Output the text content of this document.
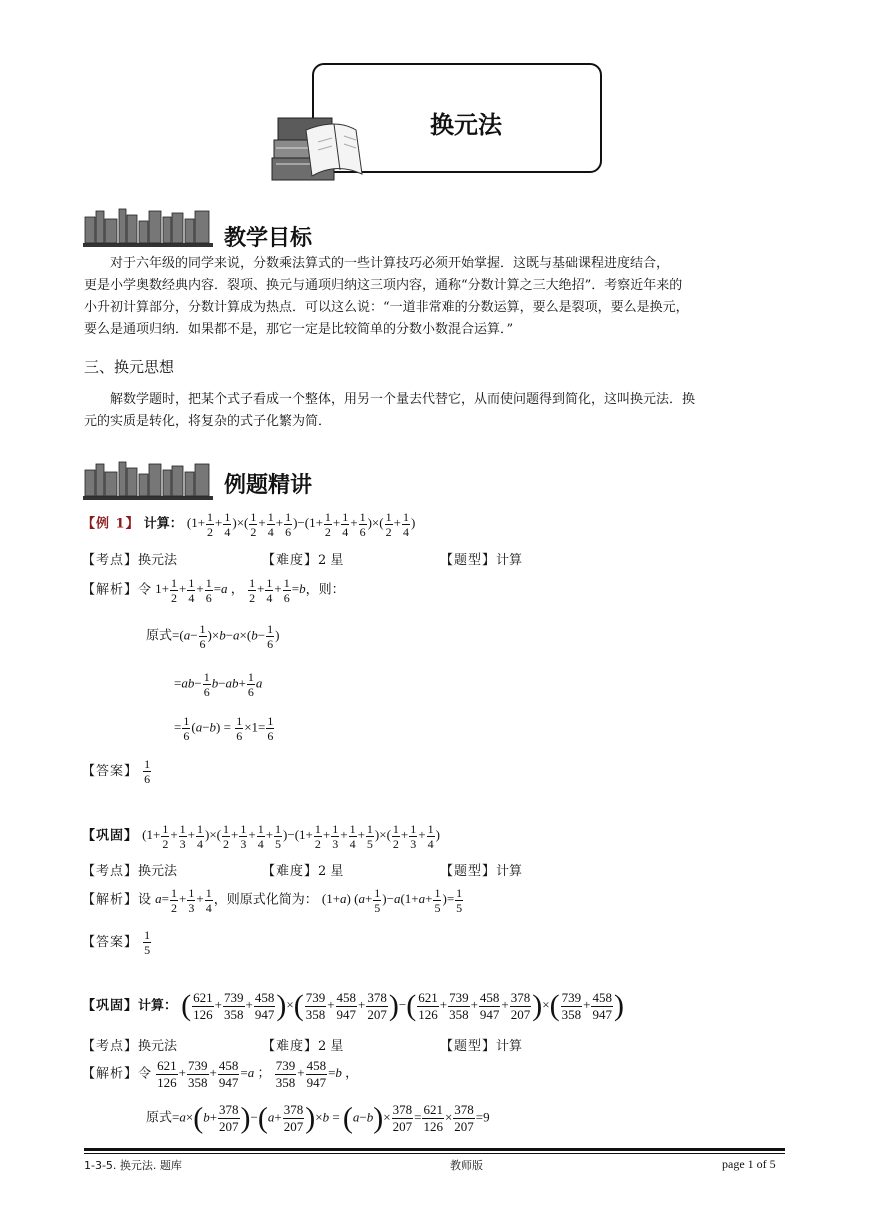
换元法
教学目标
对于六年级的同学来说，分数乘法算式的一些计算技巧必须开始掌握．这既与基础课程进度结合，
更是小学奥数经典内容．裂项、换元与通项归纳这三项内容，通称“分数计算之三大绝招”．考察近年来的
小升初计算部分，分数计算成为热点．可以这么说：“一道非常难的分数运算，要么是裂项，要么是换元，
要么是通项归纳．如果都不是，那它一定是比较简单的分数小数混合运算．”
三、换元思想
解数学题时，把某个式子看成一个整体，用另一个量去代替它，从而使问题得到简化，这叫换元法．换
元的实质是转化，将复杂的式子化繁为简．
例题精讲
【例 1】 计算： ($1+ \frac{1}{2} + \frac{1}{4}$ )×( $\frac{1}{2} + \frac{1}{4} + \frac{1}{6} )-(1+ \frac{1}{2} + \frac{1}{4} + \frac{1}{6}$ )×( $\frac{1}{2} + \frac{1}{4}$ )
【考点】换元法	【难度】2 星	【题型】计算
【解析】令 $1+ \frac{1}{2} + \frac{1}{4} + \frac{1}{6} =a$ ， $\frac{1}{2} + \frac{1}{4} + \frac{1}{6} =b$，则：
原式$=(a- \frac{1}{6} )\times b-a\times(b- \frac{1}{6}$ )
$=ab- \frac{1}{6} b-ab+ \frac{1}{6}$ a
= $\frac{1}{6} (a-b) = \frac{1}{6} \times 1= \frac{1}{6}$
【答案】 $\frac{1}{6}$
【巩固】 ($1+ \frac{1}{2} + \frac{1}{3} + \frac{1}{4}$ )×( $\frac{1}{2} + \frac{1}{3} + \frac{1}{4} + \frac{1}{5} )-(1+ \frac{1}{2} + \frac{1}{3} + \frac{1}{4} + \frac{1}{5}$ )×( $\frac{1}{2} + \frac{1}{3} + \frac{1}{4}$ )
【考点】换元法	【难度】2 星	【题型】计算
【解析】设 $a= \frac{1}{2} + \frac{1}{3} + \frac{1}{4}$ ，则原式化简为： (1+a) $(a+ \frac{1}{5} )-a(1+a+ \frac{1}{5}$ )= $\frac{1}{5}$
【答案】 $\frac{1}{5}$
【巩固】计算： ( $\frac{621}{126} + \frac{739}{358} + \frac{458}{947}$ )×( $\frac{739}{358} + \frac{458}{947} + \frac{378}{207}$ )−( $\frac{621}{126} + \frac{739}{358} + \frac{458}{947} + \frac{378}{207}$ )×( $\frac{739}{358} + \frac{458}{947}$ )
【考点】换元法	【难度】2 星	【题型】计算
【解析】令 $\frac{621}{126} + \frac{739}{358} + \frac{458}{947} =a$ ； $\frac{739}{358} + \frac{458}{947} =b$ ，
原式$=a\times(b+ \frac{378}{207} )-(a+ \frac{378}{207} )\times b = (a-b)\times \frac{378}{207} = \frac{621}{126} \times \frac{378}{207} =9$
1-3-5. 换元法. 题库	教师版	page 1 of 5
